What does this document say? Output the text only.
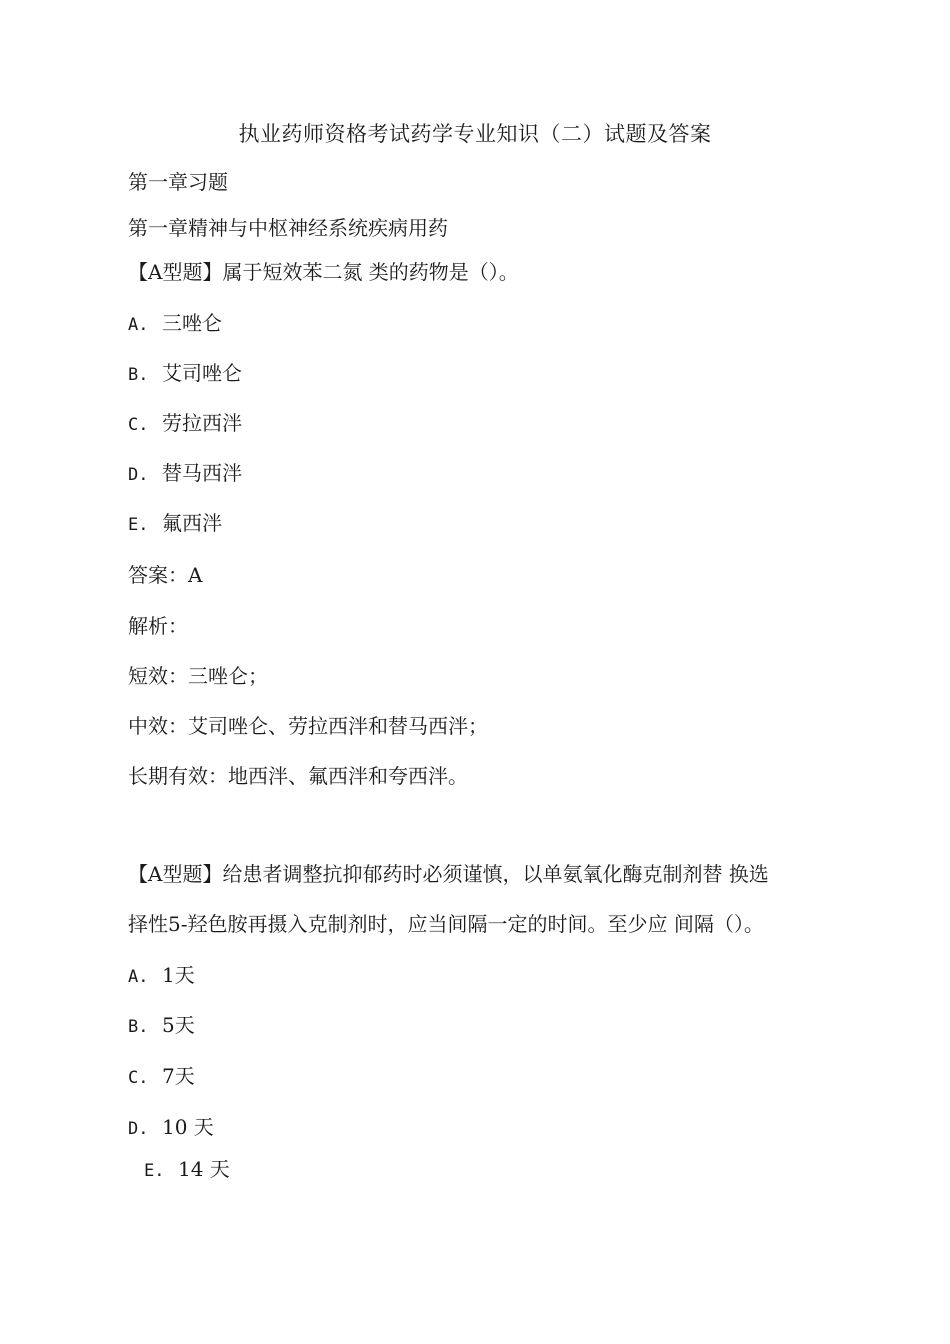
执业药师资格考试药学专业知识（二）试题及答案
第一章习题
第一章精神与中枢神经系统疾病用药
【A型题】属于短效苯二氮 类的药物是（）。
A. 三唑仑
B. 艾司唑仑
C. 劳拉西泮
D. 替马西泮
E. 氟西泮
答案：A
解析：
短效：三唑仑；
中效：艾司唑仑、劳拉西泮和替马西泮；
长期有效：地西泮、氟西泮和夸西泮。
【A型题】给患者调整抗抑郁药时必须谨慎，以单氨氧化酶克制剂替 换选
择性5-羟色胺再摄入克制剂时，应当间隔一定的时间。至少应 间隔（）。
A. 1天
B. 5天
C. 7天
D. 10 天
E. 14 天
